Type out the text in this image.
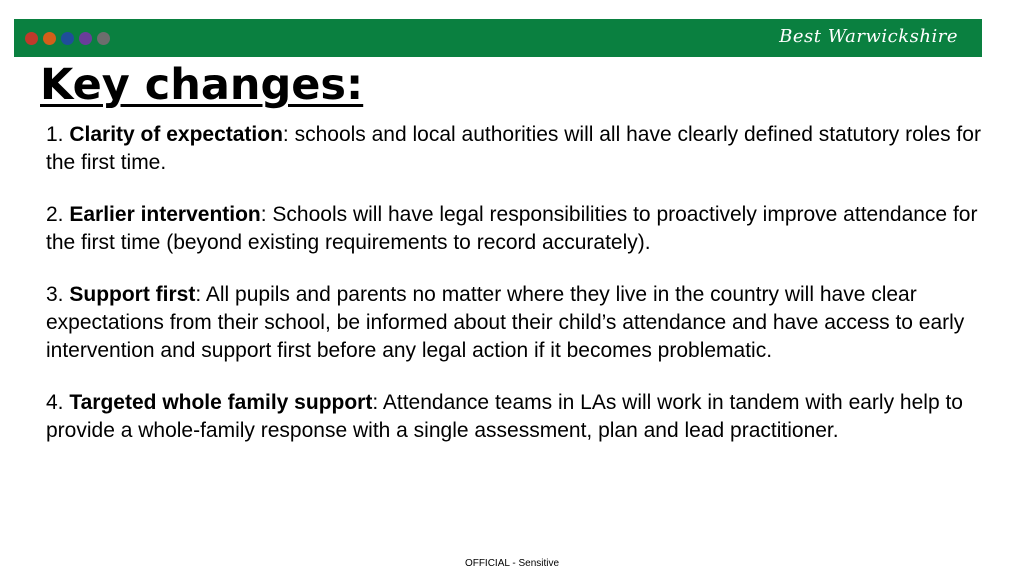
Best Warwickshire
Key changes:

1. Clarity of expectation: schools and local authorities will all have clearly defined statutory roles for the first time.

2. Earlier intervention: Schools will have legal responsibilities to proactively improve attendance for the first time (beyond existing requirements to record accurately).

3. Support first: All pupils and parents no matter where they live in the country will have clear expectations from their school, be informed about their child’s attendance and have access to early intervention and support first before any legal action if it becomes problematic.

4. Targeted whole family support: Attendance teams in LAs will work in tandem with early help to provide a whole-family response with a single assessment, plan and lead practitioner.

OFFICIAL - Sensitive
